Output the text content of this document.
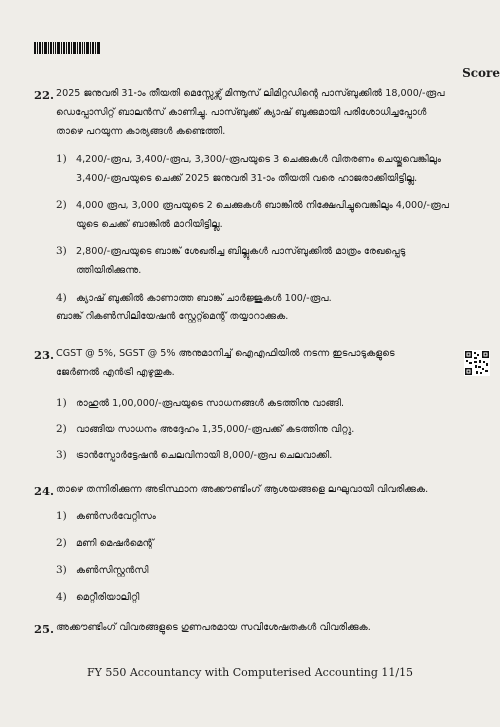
Score
22. 2025 ജനുവരി 31-ാം തീയതി മെസ്സേഴ്സ് മിന്നൂസ് ലിമിറ്റഡിന്റെ പാസ്ബുക്കിൽ 18,000/-രൂപ
ഡെപ്പോസിറ്റ് ബാലൻസ് കാണിച്ചു. പാസ്ബുക്ക് ക്യാഷ് ബുക്കുമായി പരിശോധിച്ചപ്പോൾ
താഴെ പറയുന്ന കാര്യങ്ങൾ കണ്ടെത്തി.
1) 4,200/-രൂപ, 3,400/-രൂപ, 3,300/-രൂപയുടെ 3 ചെക്കുകൾ വിതരണം ചെയ്തുവെങ്കിലും
3,400/-രൂപയുടെ ചെക്ക് 2025 ജനുവരി 31-ാം തീയതി വരെ ഹാജരാക്കിയിട്ടില്ല.
2) 4,000 രൂപ, 3,000 രൂപയുടെ 2 ചെക്കുകൾ ബാങ്കിൽ നിക്ഷേപിച്ചുവെങ്കിലും 4,000/-രൂപ
യുടെ ചെക്ക് ബാങ്കിൽ മാറിയിട്ടില്ല.
3) 2,800/-രൂപയുടെ ബാങ്ക് ശേഖരിച്ച ബില്ലുകൾ പാസ്ബുക്കിൽ മാത്രം രേഖപ്പെടു
ത്തിയിരിക്കുന്നു.
4) ക്യാഷ് ബുക്കിൽ കാണാത്ത ബാങ്ക് ചാർജ്ജുകൾ 100/-രൂപ.
ബാങ്ക് റികൺസിലിയേഷൻ സ്റ്റേറ്റ്മെന്റ് തയ്യാറാക്കുക.
23. CGST @ 5%, SGST @ 5% അനുമാനിച്ച് ഐഎഫിയിൽ നടന്ന ഇടപാടുകളുടെ
ജേർണൽ എൻട്രി എഴുതുക.
1) രാഹുൽ 1,00,000/-രൂപയുടെ സാധനങ്ങൾ കടത്തിനു വാങ്ങി.
2) വാങ്ങിയ സാധനം അദ്ദേഹം 1,35,000/-രൂപക്ക് കടത്തിനു വിറ്റു.
3) ട്രാൻസ്പോർട്ടേഷൻ ചെലവിനായി 8,000/-രൂപ ചെലവാക്കി.
24. താഴെ തന്നിരിക്കുന്ന അടിസ്ഥാന അക്കൗണ്ടിംഗ് ആശയങ്ങളെ ലഘുവായി വിവരിക്കുക.
1) കൺസർവേറ്റിസം
2) മണി മെഷർമെന്റ്
3) കൺസിസ്റ്റൻസി
4) മെറ്റീരിയാലിറ്റി
25. അക്കൗണ്ടിംഗ് വിവരങ്ങളുടെ ഗുണപരമായ സവിശേഷതകൾ വിവരിക്കുക.
FY 550 Accountancy with Computerised Accounting 11/15
